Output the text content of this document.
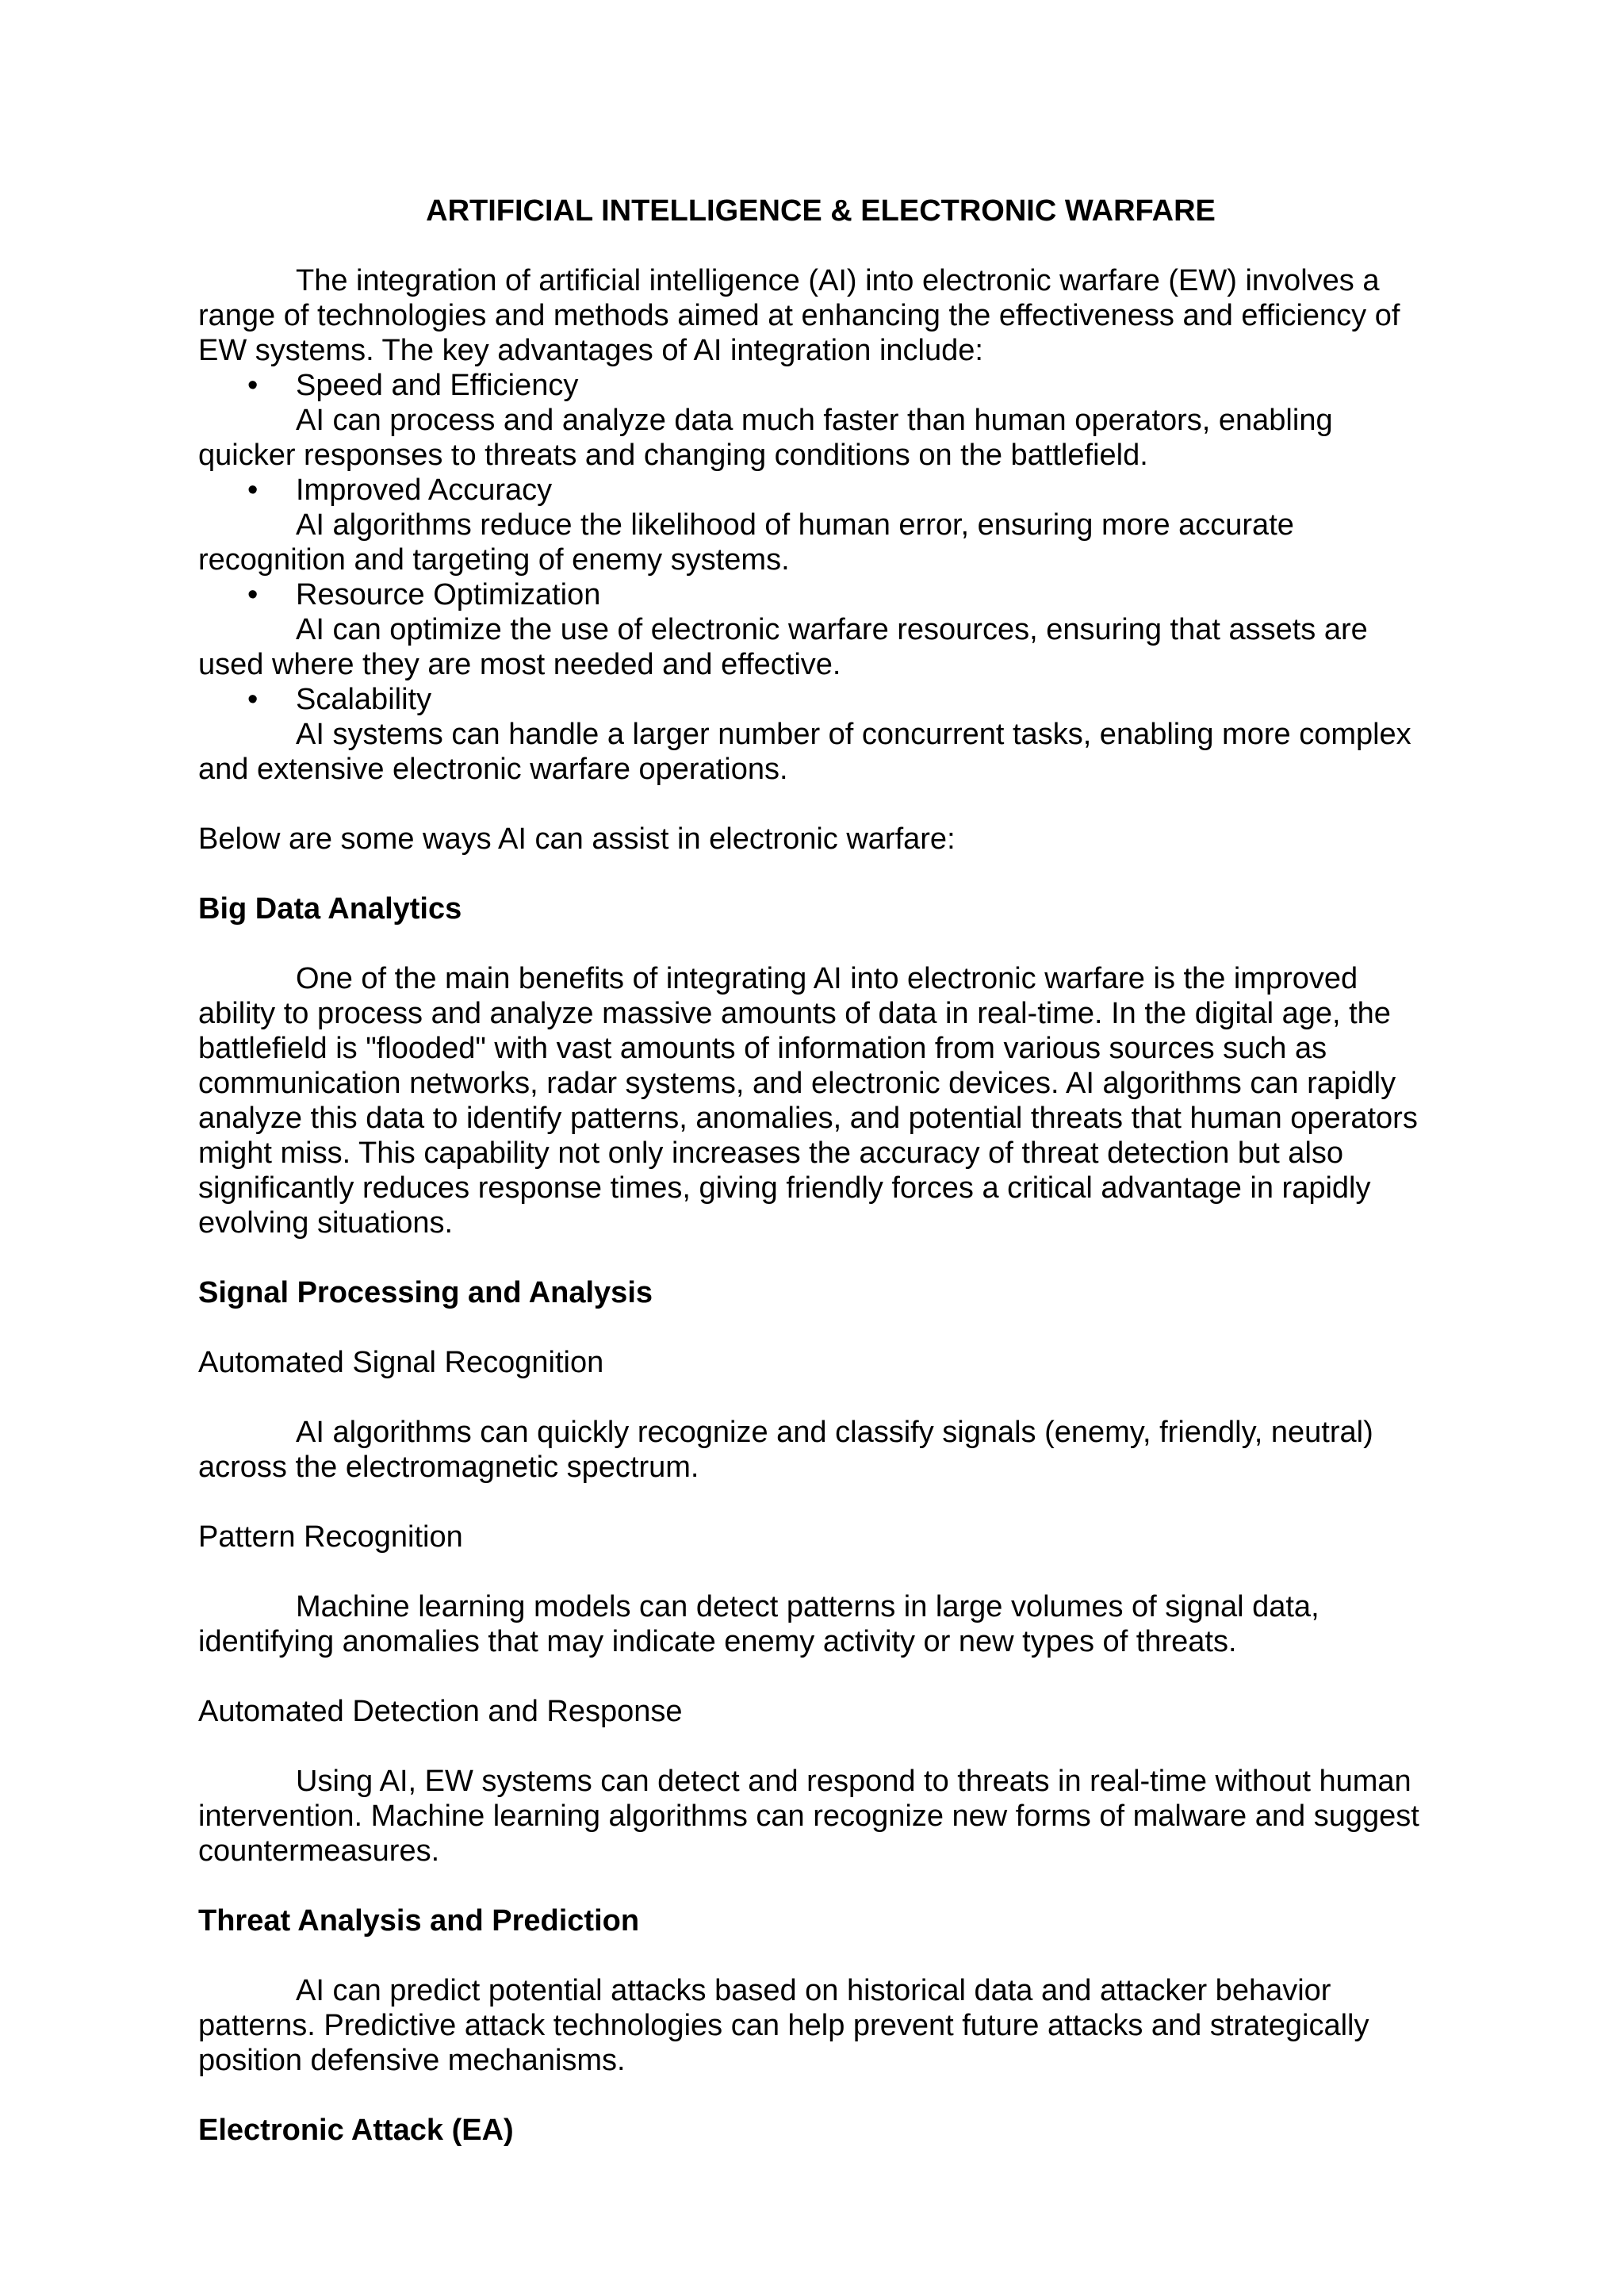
ARTIFICIAL INTELLIGENCE & ELECTRONIC WARFARE

The integration of artificial intelligence (AI) into electronic warfare (EW) involves a range of technologies and methods aimed at enhancing the effectiveness and efficiency of EW systems. The key advantages of AI integration include:

• Speed and Efficiency

AI can process and analyze data much faster than human operators, enabling quicker responses to threats and changing conditions on the battlefield.

• Improved Accuracy

AI algorithms reduce the likelihood of human error, ensuring more accurate recognition and targeting of enemy systems.

• Resource Optimization

AI can optimize the use of electronic warfare resources, ensuring that assets are used where they are most needed and effective.

• Scalability

AI systems can handle a larger number of concurrent tasks, enabling more complex and extensive electronic warfare operations.

Below are some ways AI can assist in electronic warfare:

Big Data Analytics

One of the main benefits of integrating AI into electronic warfare is the improved ability to process and analyze massive amounts of data in real-time. In the digital age, the battlefield is "flooded" with vast amounts of information from various sources such as communication networks, radar systems, and electronic devices. AI algorithms can rapidly analyze this data to identify patterns, anomalies, and potential threats that human operators might miss. This capability not only increases the accuracy of threat detection but also significantly reduces response times, giving friendly forces a critical advantage in rapidly evolving situations.

Signal Processing and Analysis

Automated Signal Recognition

AI algorithms can quickly recognize and classify signals (enemy, friendly, neutral) across the electromagnetic spectrum.

Pattern Recognition

Machine learning models can detect patterns in large volumes of signal data, identifying anomalies that may indicate enemy activity or new types of threats.

Automated Detection and Response

Using AI, EW systems can detect and respond to threats in real-time without human intervention. Machine learning algorithms can recognize new forms of malware and suggest countermeasures.

Threat Analysis and Prediction

AI can predict potential attacks based on historical data and attacker behavior patterns. Predictive attack technologies can help prevent future attacks and strategically position defensive mechanisms.

Electronic Attack (EA)
